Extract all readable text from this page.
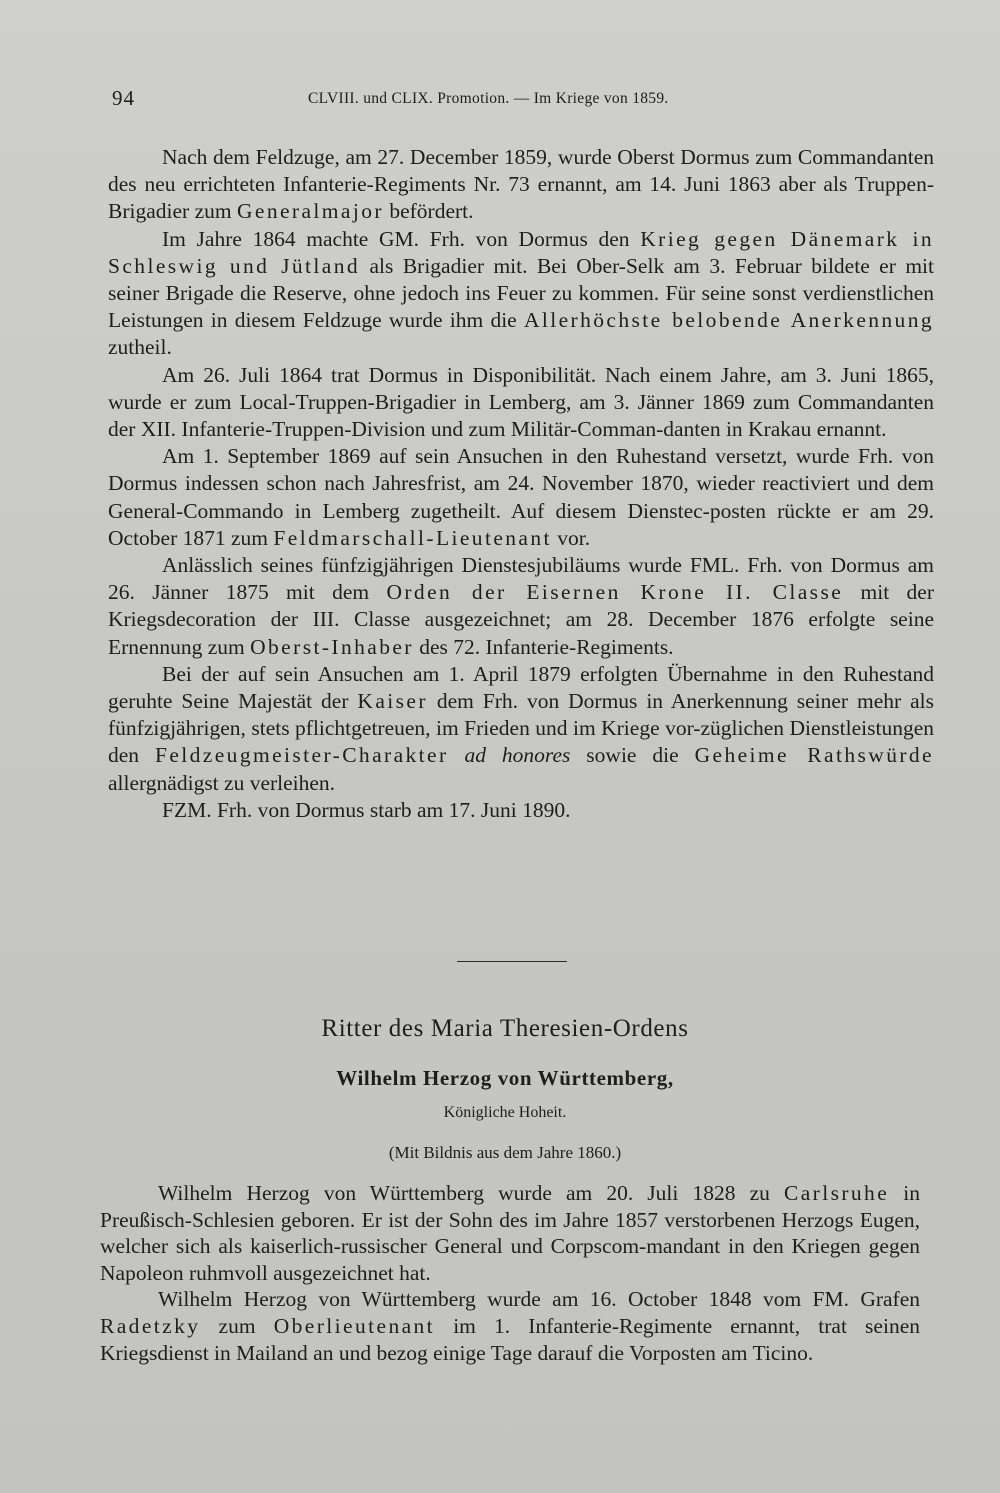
94	CLVIII. und CLIX. Promotion. — Im Kriege von 1859.

Nach dem Feldzuge, am 27. December 1859, wurde Oberst Dormus zum Commandanten des neu errichteten Infanterie-Regiments Nr. 73 ernannt, am 14. Juni 1863 aber als Truppen-Brigadier zum Generalmajor befördert.

Im Jahre 1864 machte GM. Frh. von Dormus den Krieg gegen Dänemark in Schleswig und Jütland als Brigadier mit. Bei Ober-Selk am 3. Februar bildete er mit seiner Brigade die Reserve, ohne jedoch ins Feuer zu kommen. Für seine sonst verdienstlichen Leistungen in diesem Feldzuge wurde ihm die Allerhöchste belobende Anerkennung zutheil.

Am 26. Juli 1864 trat Dormus in Disponibilität. Nach einem Jahre, am 3. Juni 1865, wurde er zum Local-Truppen-Brigadier in Lemberg, am 3. Jänner 1869 zum Commandanten der XII. Infanterie-Truppen-Division und zum Militär-Comman-danten in Krakau ernannt.

Am 1. September 1869 auf sein Ansuchen in den Ruhestand versetzt, wurde Frh. von Dormus indessen schon nach Jahresfrist, am 24. November 1870, wieder reactiviert und dem General-Commando in Lemberg zugetheilt. Auf diesem Diensteс-posten rückte er am 29. October 1871 zum Feldmarschall-Lieutenant vor.

Anlässlich seines fünfzigjährigen Dienstesjubiläums wurde FML. Frh. von Dormus am 26. Jänner 1875 mit dem Orden der Eisernen Krone II. Classe mit der Kriegsdecoration der III. Classe ausgezeichnet; am 28. December 1876 erfolgte seine Ernennung zum Oberst-Inhaber des 72. Infanterie-Regiments.

Bei der auf sein Ansuchen am 1. April 1879 erfolgten Übernahme in den Ruhestand geruhte Seine Majestät der Kaiser dem Frh. von Dormus in Anerkennung seiner mehr als fünfzigjährigen, stets pflichtgetreuen, im Frieden und im Kriege vor-züglichen Dienstleistungen den Feldzeugmeister-Charakter ad honores sowie die Geheime Rathswürde allergnädigst zu verleihen.

FZM. Frh. von Dormus starb am 17. Juni 1890.

Ritter des Maria Theresien-Ordens
Wilhelm Herzog von Württemberg,
Königliche Hoheit.
(Mit Bildnis aus dem Jahre 1860.)

Wilhelm Herzog von Württemberg wurde am 20. Juli 1828 zu Carlsruhe in Preußisch-Schlesien geboren. Er ist der Sohn des im Jahre 1857 verstorbenen Herzogs Eugen, welcher sich als kaiserlich-russischer General und Corpscom-mandant in den Kriegen gegen Napoleon ruhmvoll ausgezeichnet hat.

Wilhelm Herzog von Württemberg wurde am 16. October 1848 vom FM. Grafen Radetzky zum Oberlieutenant im 1. Infanterie-Regimente ernannt, trat seinen Kriegsdienst in Mailand an und bezog einige Tage darauf die Vorposten am Ticino.
